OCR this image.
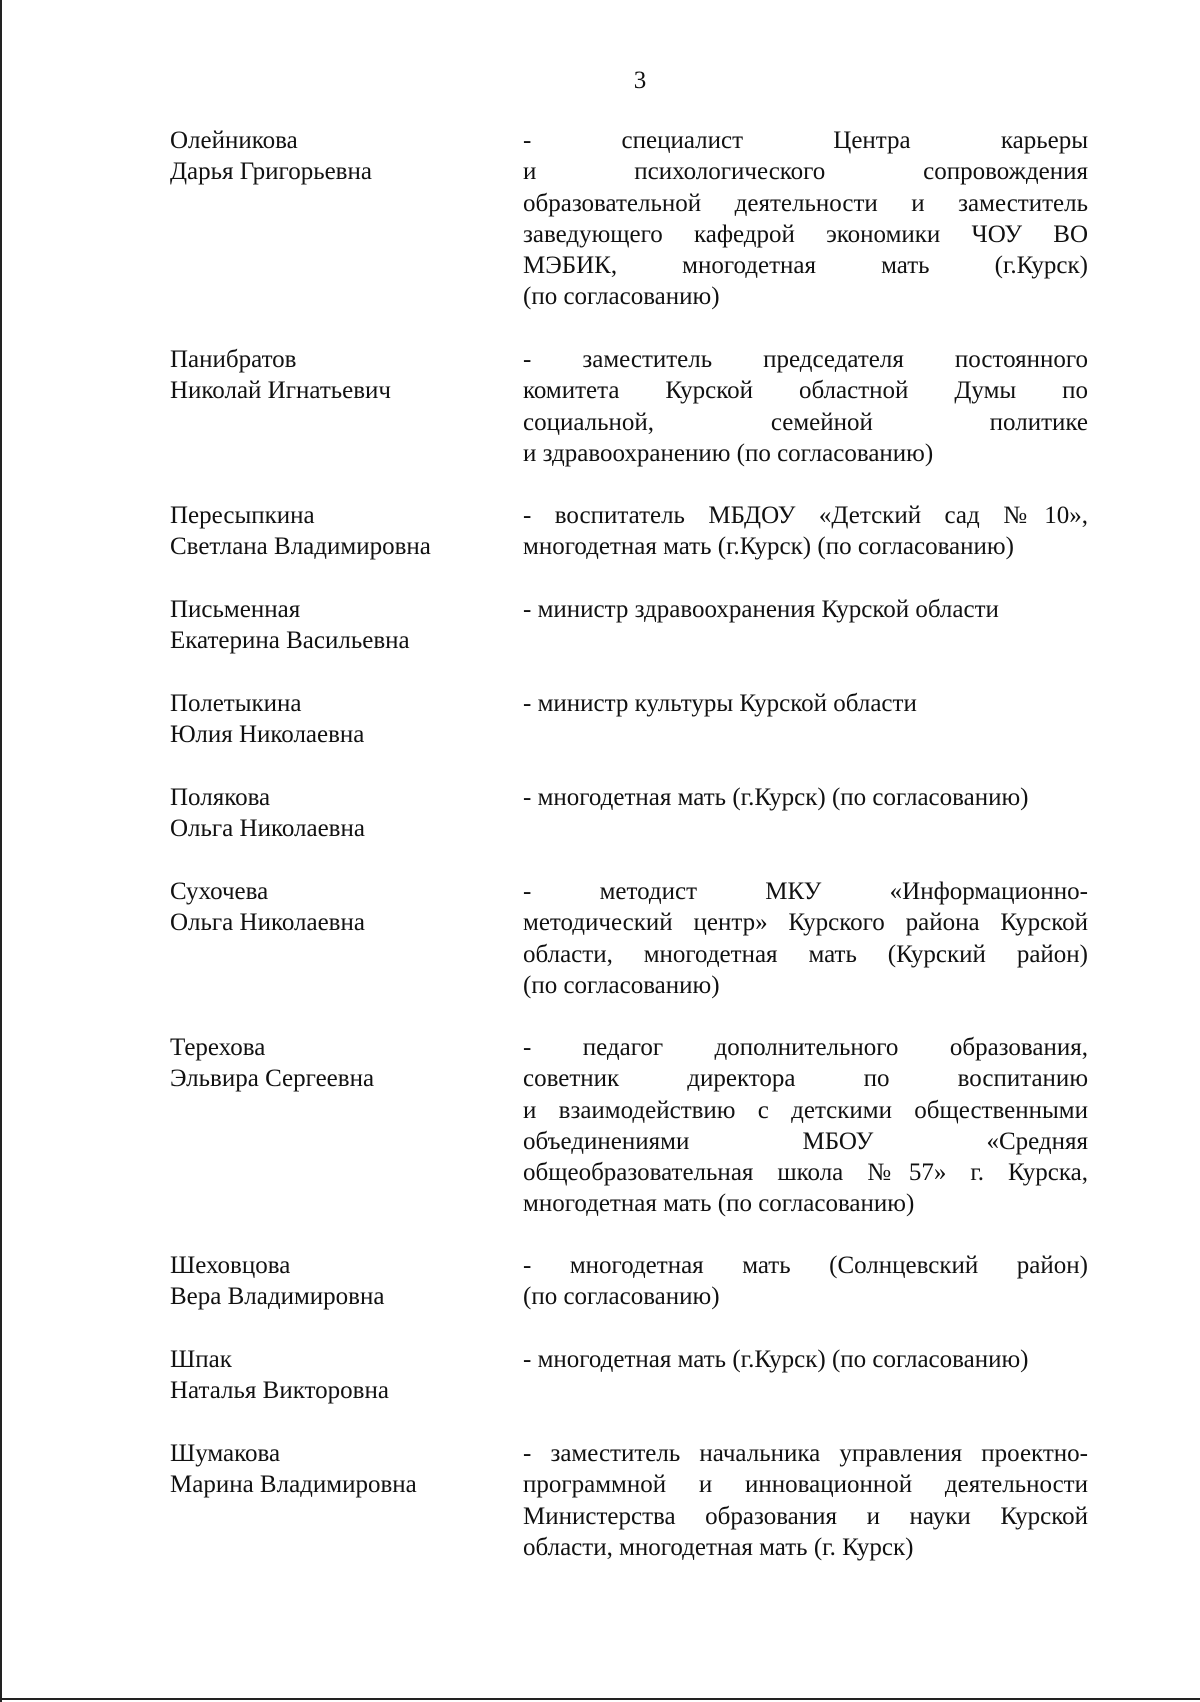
3
Олейникова
Дарья Григорьевна
- специалист Центра карьеры
и психологического сопровождения
образовательной деятельности и заместитель
заведующего кафедрой экономики ЧОУ ВО
МЭБИК, многодетная мать (г.Курск)
(по согласованию)
Панибратов
Николай Игнатьевич
- заместитель председателя постоянного
комитета Курской областной Думы по
социальной, семейной политике
и здравоохранению (по согласованию)
Пересыпкина
Светлана Владимировна
- воспитатель МБДОУ «Детский сад №10»,
многодетная мать (г.Курск) (по согласованию)
Письменная
Екатерина Васильевна
- министр здравоохранения Курской области
Полетыкина
Юлия Николаевна
- министр культуры Курской области
Полякова
Ольга Николаевна
- многодетная мать (г.Курск) (по согласованию)
Сухочева
Ольга Николаевна
- методист МКУ «Информационно-
методический центр» Курского района Курской
области, многодетная мать (Курский район)
(по согласованию)
Терехова
Эльвира Сергеевна
- педагог дополнительного образования,
советник директора по воспитанию
и взаимодействию с детскими общественными
объединениями МБОУ «Средняя
общеобразовательная школа №57» г. Курска,
многодетная мать (по согласованию)
Шеховцова
Вера Владимировна
- многодетная мать (Солнцевский район)
(по согласованию)
Шпак
Наталья Викторовна
- многодетная мать (г.Курск) (по согласованию)
Шумакова
Марина Владимировна
- заместитель начальника управления проектно-
программной и инновационной деятельности
Министерства образования и науки Курской
области, многодетная мать (г. Курск)
